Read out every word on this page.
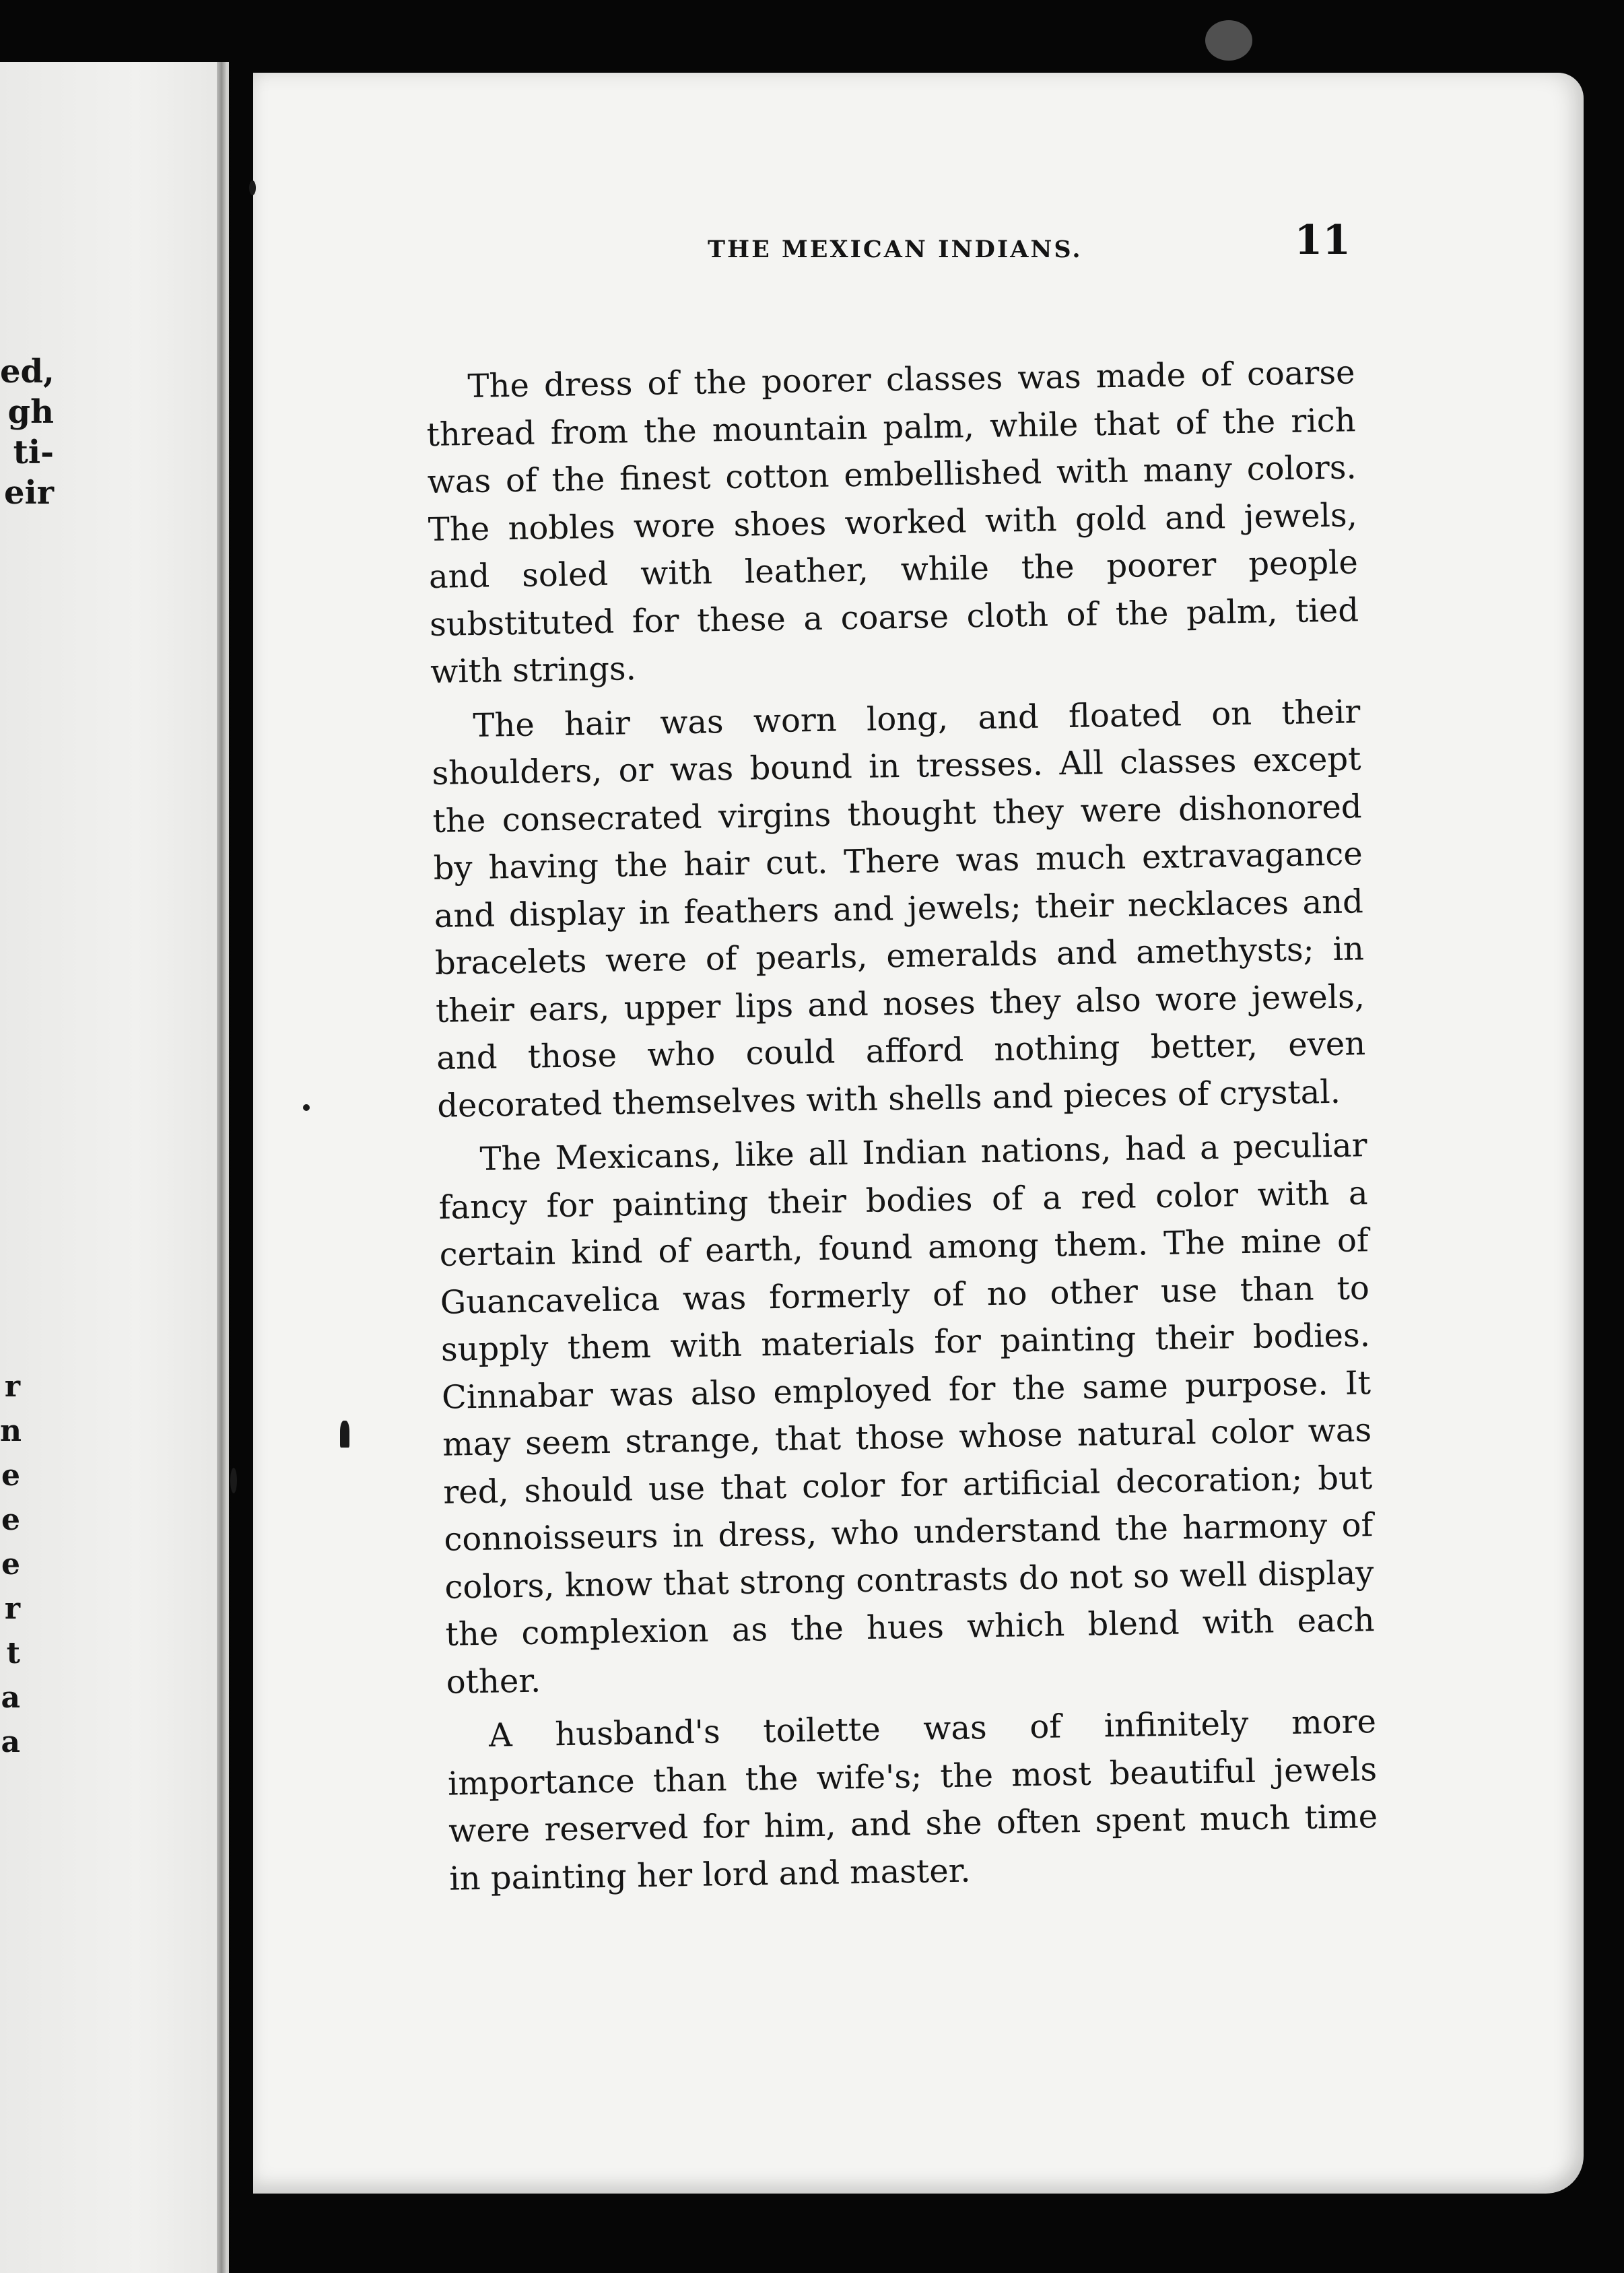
ed,
gh
ti-
eir
r
n
e
e
e
r
t
a
a
THE MEXICAN INDIANS.	11

The dress of the poorer classes was made of coarse thread from the mountain palm, while that of the rich was of the finest cotton embellished with many colors. The nobles wore shoes worked with gold and jewels, and soled with leather, while the poorer people substituted for these a coarse cloth of the palm, tied with strings.

The hair was worn long, and floated on their shoulders, or was bound in tresses. All classes except the consecrated virgins thought they were dishonored by having the hair cut. There was much extravagance and display in feathers and jewels; their necklaces and bracelets were of pearls, emeralds and amethysts; in their ears, upper lips and noses they also wore jewels, and those who could afford nothing better, even decorated themselves with shells and pieces of crystal.

The Mexicans, like all Indian nations, had a peculiar fancy for painting their bodies of a red color with a certain kind of earth, found among them. The mine of Guancavelica was formerly of no other use than to supply them with materials for painting their bodies. Cinnabar was also employed for the same purpose. It may seem strange, that those whose natural color was red, should use that color for artificial decoration; but connoisseurs in dress, who understand the harmony of colors, know that strong contrasts do not so well display the complexion as the hues which blend with each other.

A husband's toilette was of infinitely more importance than the wife's; the most beautiful jewels were reserved for him, and she often spent much time in painting her lord and master.
